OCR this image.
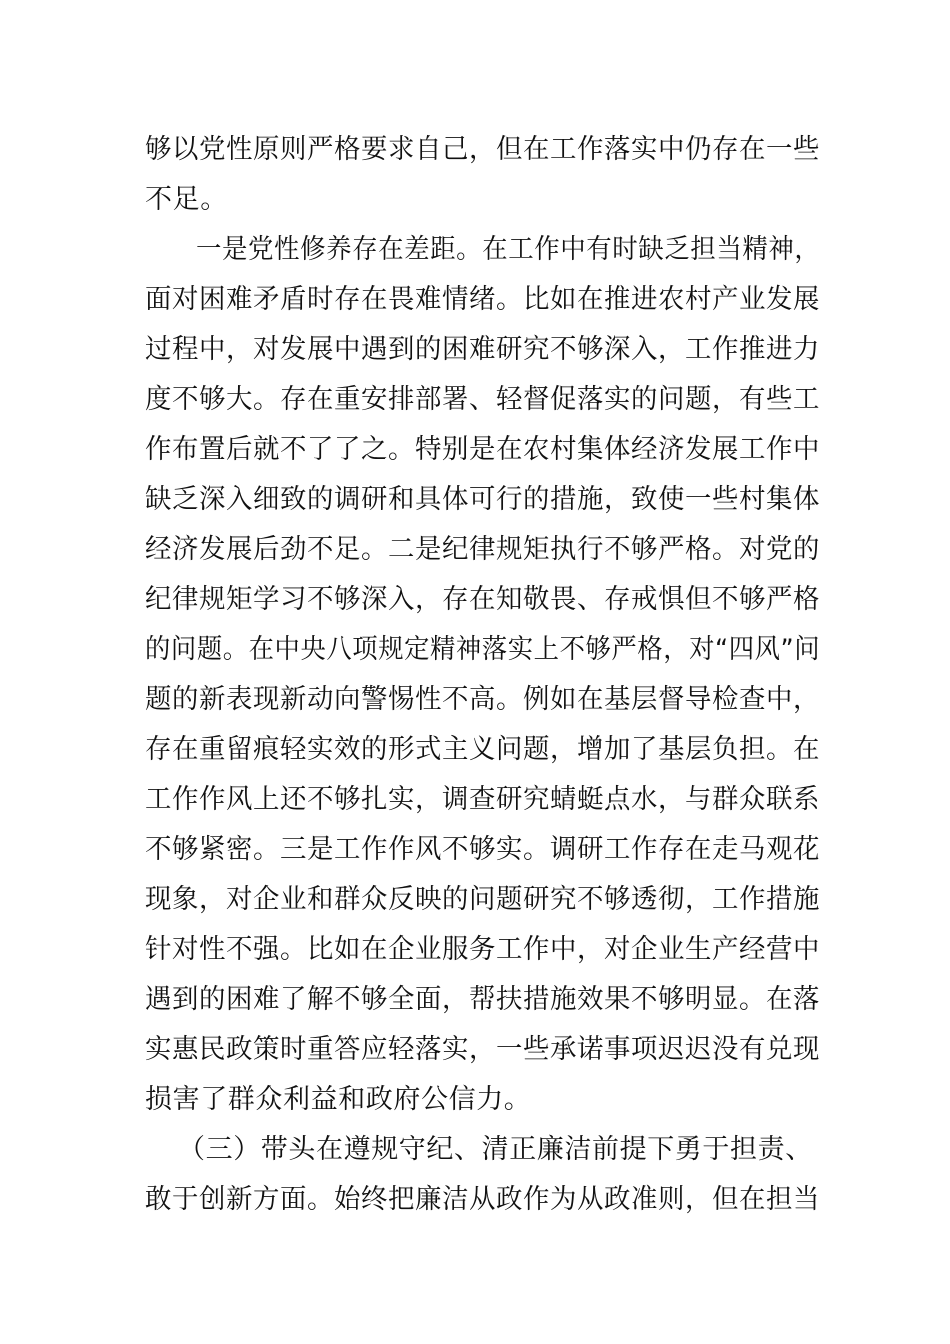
够以党性原则严格要求自己，但在工作落实中仍存在一些
不足。
一是党性修养存在差距。在工作中有时缺乏担当精神，
面对困难矛盾时存在畏难情绪。比如在推进农村产业发展
过程中，对发展中遇到的困难研究不够深入，工作推进力
度不够大。存在重安排部署、轻督促落实的问题，有些工
作布置后就不了了之。特别是在农村集体经济发展工作中
缺乏深入细致的调研和具体可行的措施，致使一些村集体
经济发展后劲不足。二是纪律规矩执行不够严格。对党的
纪律规矩学习不够深入，存在知敬畏、存戒惧但不够严格
的问题。在中央八项规定精神落实上不够严格，对“四风”问
题的新表现新动向警惕性不高。例如在基层督导检查中，
存在重留痕轻实效的形式主义问题，增加了基层负担。在
工作作风上还不够扎实，调查研究蜻蜓点水，与群众联系
不够紧密。三是工作作风不够实。调研工作存在走马观花
现象，对企业和群众反映的问题研究不够透彻，工作措施
针对性不强。比如在企业服务工作中，对企业生产经营中
遇到的困难了解不够全面，帮扶措施效果不够明显。在落
实惠民政策时重答应轻落实，一些承诺事项迟迟没有兑现
损害了群众利益和政府公信力。
（三）带头在遵规守纪、清正廉洁前提下勇于担责、
敢于创新方面。始终把廉洁从政作为从政准则，但在担当
